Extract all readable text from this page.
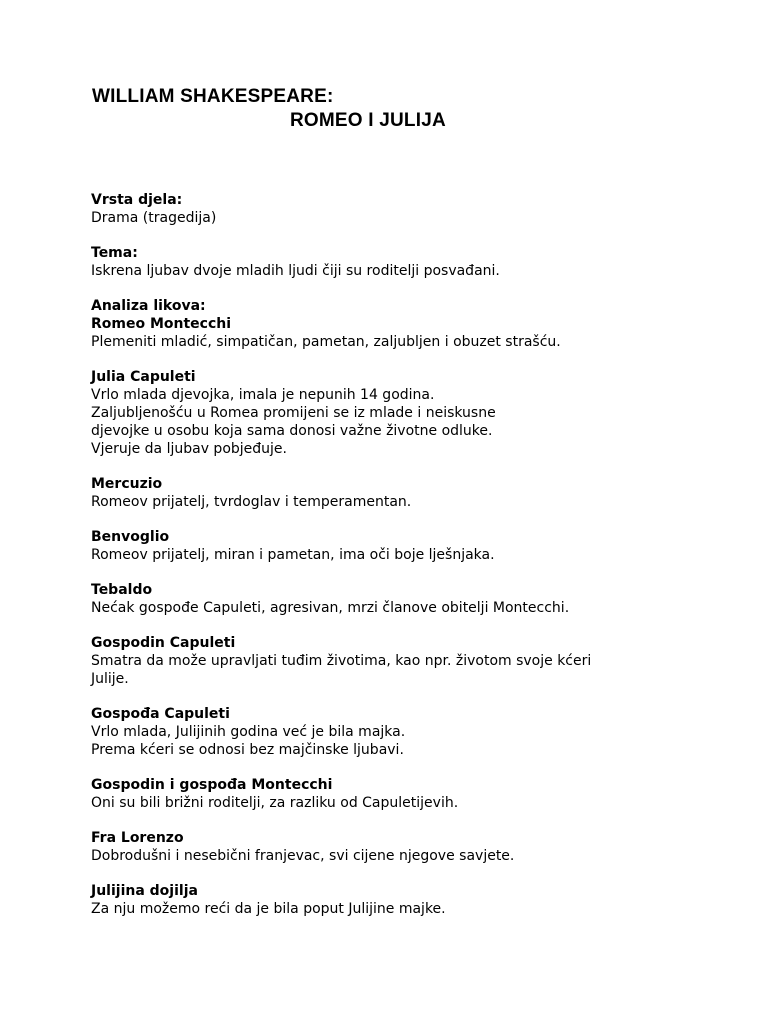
WILLIAM SHAKESPEARE:
ROMEO I JULIJA

Vrsta djela:

Drama (tragedija)

Tema:

Iskrena ljubav dvoje mladih ljudi čiji su roditelji posvađani.

Analiza likova:

Romeo Montecchi

Plemeniti mladić, simpatičan, pametan, zaljubljen i obuzet strašću.

Julia Capuleti

Vrlo mlada djevojka, imala je nepunih 14 godina.

Zaljubljenošću u Romea promijeni se iz mlade i neiskusne

djevojke u osobu koja sama donosi važne životne odluke.

Vjeruje da ljubav pobjeđuje.

Mercuzio

Romeov prijatelj, tvrdoglav i temperamentan.

Benvoglio

Romeov prijatelj, miran i pametan, ima oči boje lješnjaka.

Tebaldo

Nećak gospođe Capuleti, agresivan, mrzi članove obitelji Montecchi.

Gospodin Capuleti

Smatra da može upravljati tuđim životima, kao npr. životom svoje kćeri

Julije.

Gospođa Capuleti

Vrlo mlada, Julijinih godina već je bila majka.

Prema kćeri se odnosi bez majčinske ljubavi.

Gospodin i gospođa Montecchi

Oni su bili brižni roditelji, za razliku od Capuletijevih.

Fra Lorenzo

Dobrodušni i nesebični franjevac, svi cijene njegove savjete.

Julijina dojilja

Za nju možemo reći da je bila poput Julijine majke.
